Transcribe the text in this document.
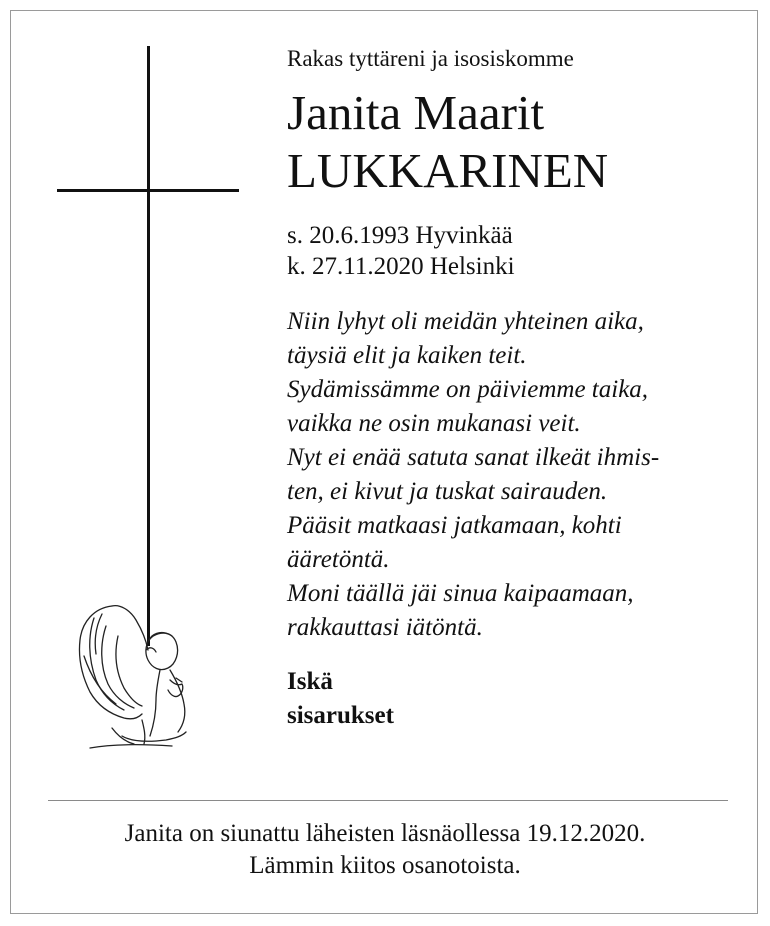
Rakas tyttäreni ja isosiskomme

Janita Maarit

LUKKARINEN

s. 20.6.1993 Hyvinkää

k. 27.11.2020 Helsinki

Niin lyhyt oli meidän yhteinen aika,

täysiä elit ja kaiken teit.

Sydämissämme on päiviemme taika,

vaikka ne osin mukanasi veit.

Nyt ei enää satuta sanat ilkeät ihmis-

ten, ei kivut ja tuskat sairauden.

Pääsit matkaasi jatkamaan, kohti

ääretöntä.

Moni täällä jäi sinua kaipaamaan,

rakkauttasi iätöntä.

Iskä

sisarukset

Janita on siunattu läheisten läsnäollessa 19.12.2020.

Lämmin kiitos osanotoista.
